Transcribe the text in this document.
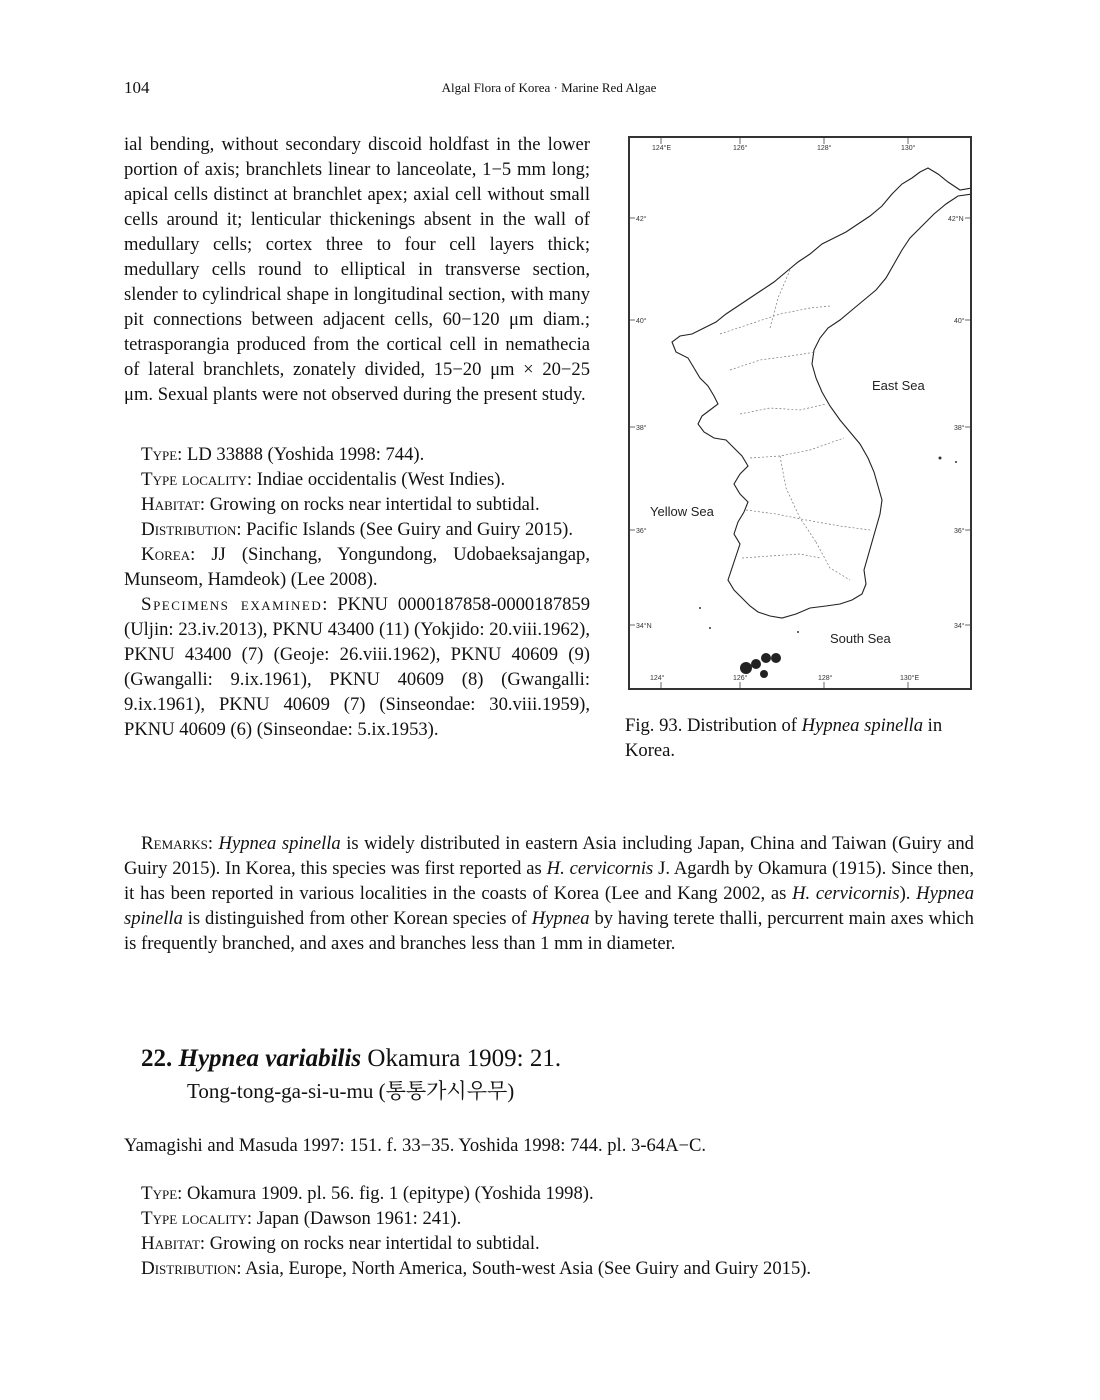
104	Algal Flora of Korea · Marine Red Algae

ial bending, without secondary discoid holdfast in the lower portion of axis; branchlets linear to lanceolate, 1−5 mm long; apical cells distinct at branchlet apex; axial cell without small cells around it; lenticular thickenings absent in the wall of medullary cells; cortex three to four cell layers thick; medullary cells round to elliptical in transverse section, slender to cylindrical shape in longitudinal section, with many pit connections between adjacent cells, 60−120 μm diam.; tetrasporangia produced from the cortical cell in nemathecia of lateral branchlets, zonately divided, 15−20 μm × 20−25 μm. Sexual plants were not observed during the present study.

Type: LD 33888 (Yoshida 1998: 744).

Type locality: Indiae occidentalis (West Indies).

Habitat: Growing on rocks near intertidal to subtidal.

Distribution: Pacific Islands (See Guiry and Guiry 2015).

Korea: JJ (Sinchang, Yongundong, Udobaeksajangap, Munseom, Hamdeok) (Lee 2008).

Specimens examined: PKNU 0000187858-0000187859 (Uljin: 23.iv.2013), PKNU 43400 (11) (Yokjido: 20.viii.1962), PKNU 43400 (7) (Geoje: 26.viii.1962), PKNU 40609 (9) (Gwangalli: 9.ix.1961), PKNU 40609 (8) (Gwangalli: 9.ix.1961), PKNU 40609 (7) (Sinseondae: 30.viii.1959), PKNU 40609 (6) (Sinseondae: 5.ix.1953).

124°E	126°	128°	130°
124°	126°	128°	130°E
42°
40°
38°
36°
34°N
42°N
40°
38°
36°
34°
East Sea
Yellow Sea
South Sea
Fig. 93. Distribution of Hypnea spinella in Korea.

Remarks: Hypnea spinella is widely distributed in eastern Asia including Japan, China and Taiwan (Guiry and Guiry 2015). In Korea, this species was first reported as H. cervicornis J. Agardh by Okamura (1915). Since then, it has been reported in various localities in the coasts of Korea (Lee and Kang 2002, as H. cervicornis). Hypnea spinella is distinguished from other Korean species of Hypnea by having terete thalli, percurrent main axes which is frequently branched, and axes and branches less than 1 mm in diameter.

22. Hypnea variabilis Okamura 1909: 21.
Tong-tong-ga-si-u-mu (통통가시우무)

Yamagishi and Masuda 1997: 151. f. 33−35. Yoshida 1998: 744. pl. 3-64A−C.

Type: Okamura 1909. pl. 56. fig. 1 (epitype) (Yoshida 1998).

Type locality: Japan (Dawson 1961: 241).

Habitat: Growing on rocks near intertidal to subtidal.

Distribution: Asia, Europe, North America, South-west Asia (See Guiry and Guiry 2015).
